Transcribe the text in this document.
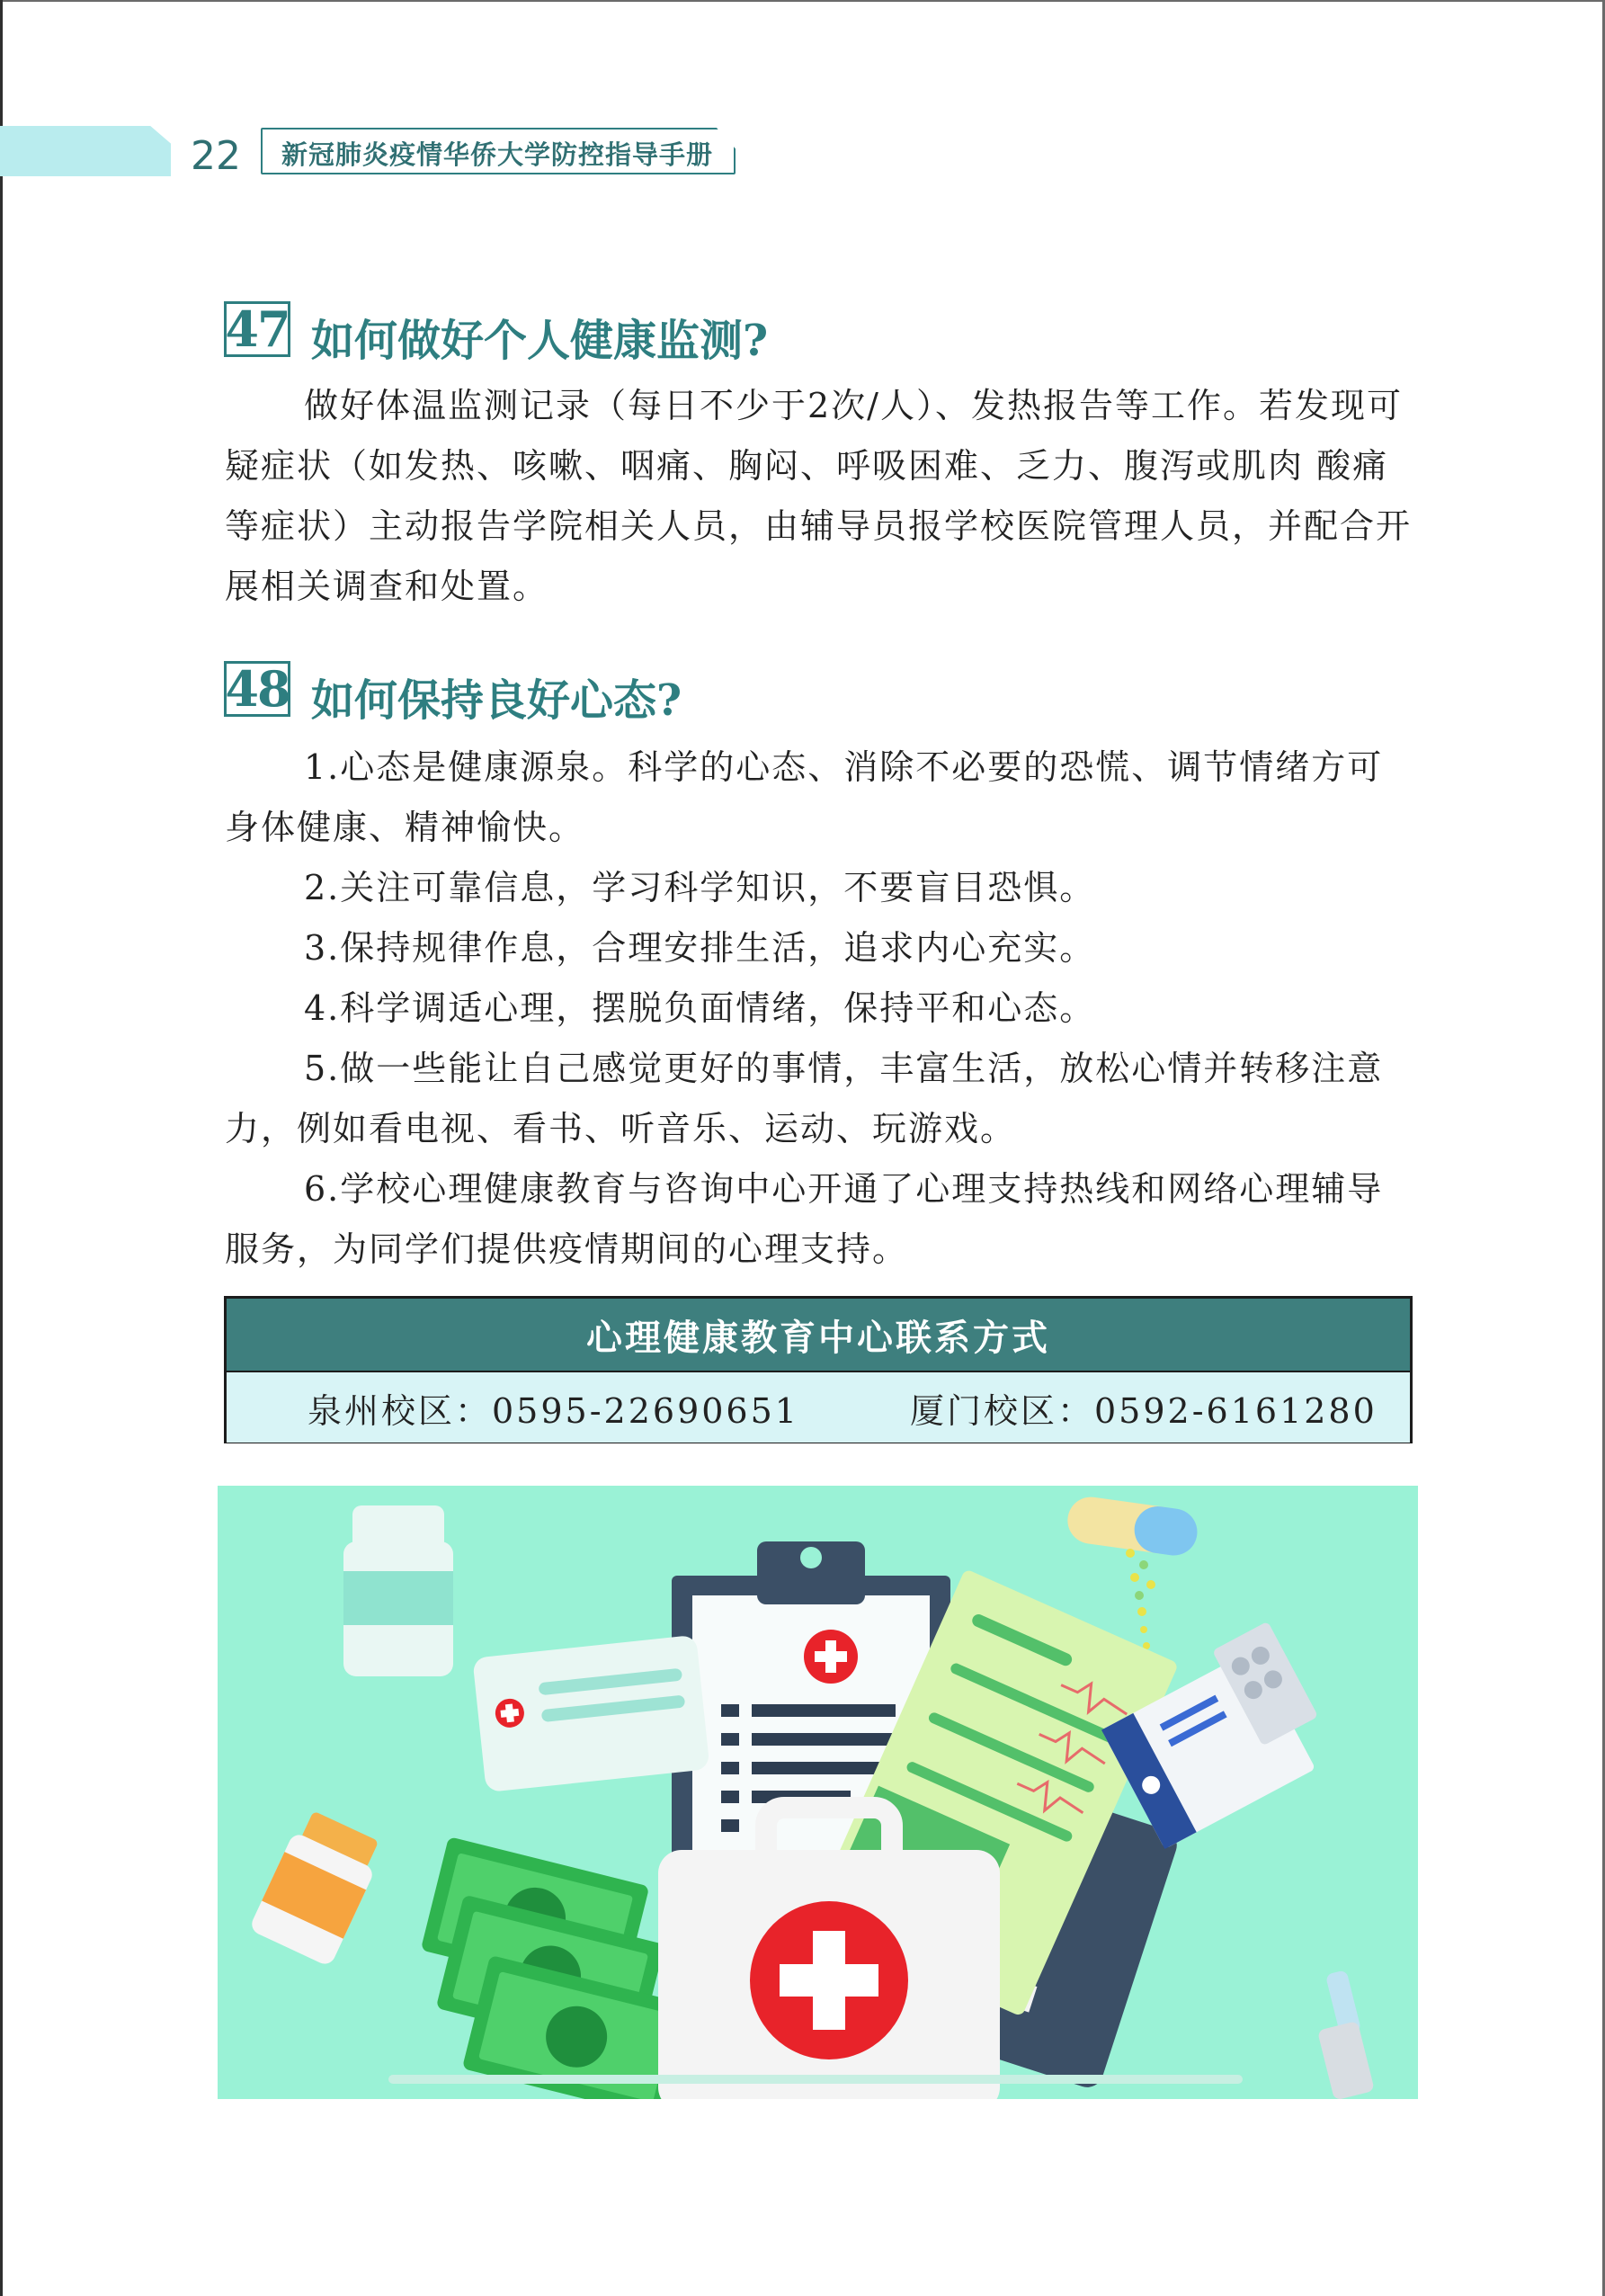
22 新冠肺炎疫情华侨大学防控指导手册
47 如何做好个人健康监测?

做好体温监测记录（每日不少于2次/人）、发热报告等工作。若发现可疑症状（如发热、咳嗽、咽痛、胸闷、呼吸困难、乏力、腹泻或肌肉 酸痛等症状）主动报告学院相关人员，由辅导员报学校医院管理人员，并配合开展相关调查和处置。

48 如何保持良好心态?

1.心态是健康源泉。科学的心态、消除不必要的恐慌、调节情绪方可身体健康、精神愉快。

2.关注可靠信息，学习科学知识，不要盲目恐惧。

3.保持规律作息，合理安排生活，追求内心充实。

4.科学调适心理，摆脱负面情绪，保持平和心态。

5.做一些能让自己感觉更好的事情，丰富生活，放松心情并转移注意力，例如看电视、看书、听音乐、运动、玩游戏。

6.学校心理健康教育与咨询中心开通了心理支持热线和网络心理辅导服务，为同学们提供疫情期间的心理支持。

心理健康教育中心联系方式
泉州校区：0595-22690651	厦门校区：0592-6161280
